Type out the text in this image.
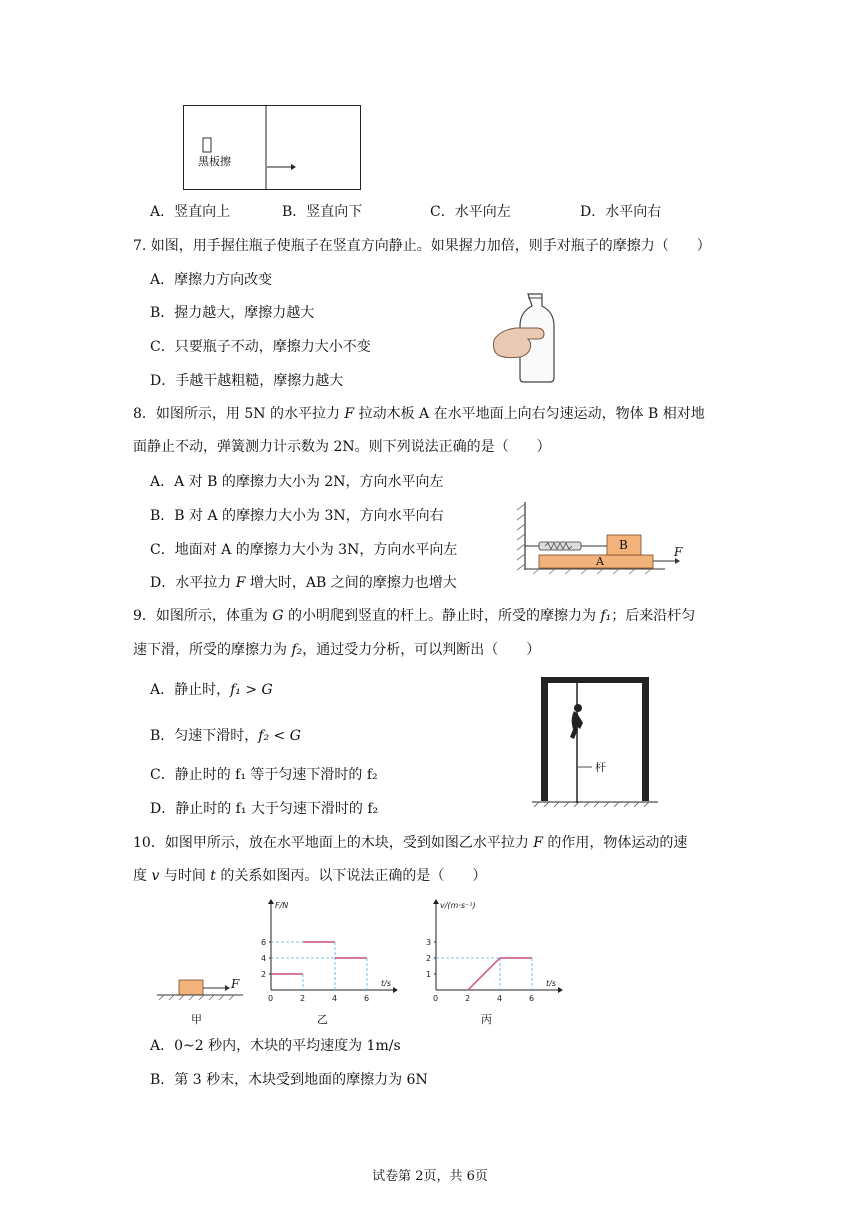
黑板擦
A．竖直向上	B．竖直向下	C．水平向左	D．水平向右
7. 如图，用手握住瓶子使瓶子在竖直方向静止。如果握力加倍，则手对瓶子的摩擦力（　　）
A．摩擦力方向改变
B．握力越大，摩擦力越大
C．只要瓶子不动，摩擦力大小不变
D．手越干越粗糙，摩擦力越大
8．如图所示，用 5N 的水平拉力 F 拉动木板 A 在水平地面上向右匀速运动，物体 B 相对地
面静止不动，弹簧测力计示数为 2N。则下列说法正确的是（　　）
A．A 对 B 的摩擦力大小为 2N，方向水平向左
B．B 对 A 的摩擦力大小为 3N，方向水平向右
C．地面对 A 的摩擦力大小为 3N，方向水平向左
D．水平拉力 F 增大时，AB 之间的摩擦力也增大
B
A
F
9．如图所示，体重为 G 的小明爬到竖直的杆上。静止时，所受的摩擦力为 f₁；后来沿杆匀
速下滑，所受的摩擦力为 f₂，通过受力分析，可以判断出（　　）
A．静止时，f₁ > G
B．匀速下滑时，f₂ < G
C．静止时的 f₁ 等于匀速下滑时的 f₂
D．静止时的 f₁ 大于匀速下滑时的 f₂
杆
10．如图甲所示，放在水平地面上的木块，受到如图乙水平拉力 F 的作用，物体运动的速
度 v 与时间 t 的关系如图丙。以下说法正确的是（　　）
F
甲
F/N
t/s
0	2	4	6
2
4
6
乙
v/(m·s⁻¹)
t/s
0	2	4	6
1
2
3
丙
A．0~2 秒内，木块的平均速度为 1m/s
B．第 3 秒末，木块受到地面的摩擦力为 6N
试卷第 2页，共 6页
